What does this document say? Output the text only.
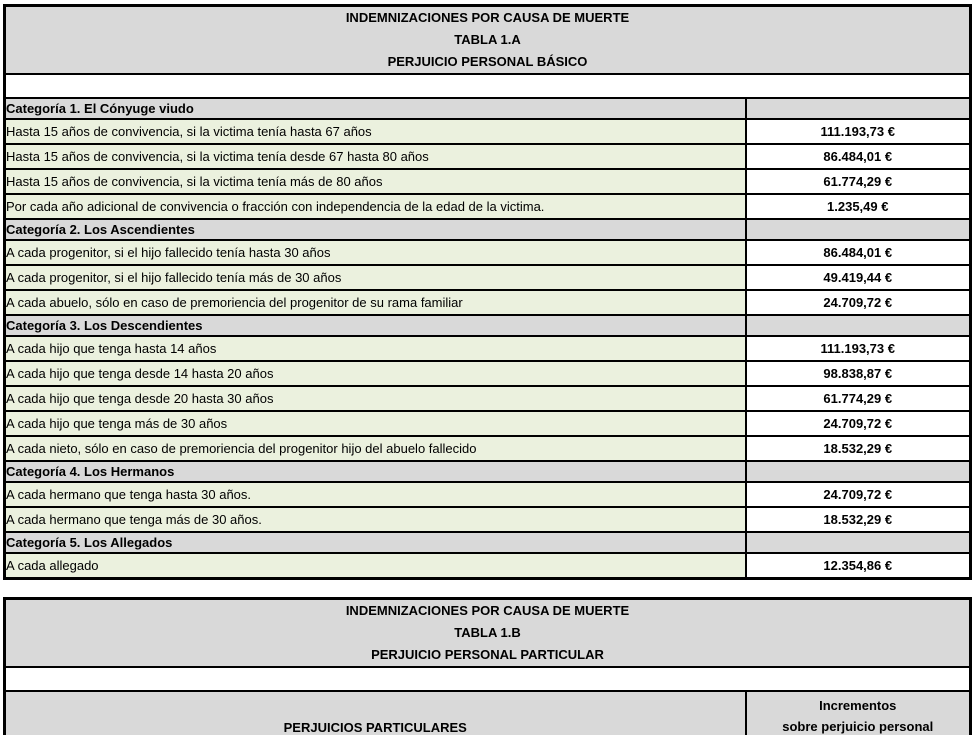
INDEMNIZACIONES POR CAUSA DE MUERTE
TABLA 1.A
PERJUICIO PERSONAL BÁSICO	

Categoría 1. El Cónyuge viudo	
Hasta 15 años de convivencia, si la victima tenía hasta 67 años	111.193,73 €
Hasta 15 años de convivencia, si la victima tenía desde 67 hasta 80 años	86.484,01 €
Hasta 15 años de convivencia, si la victima tenía más de 80 años	61.774,29 €
Por cada año adicional de convivencia o fracción con independencia de la edad de la victima.	1.235,49 €
Categoría 2. Los Ascendientes	
A cada progenitor, si el hijo fallecido tenía hasta 30 años	86.484,01 €
A cada progenitor, si el hijo fallecido tenía más de 30 años	49.419,44 €
A cada abuelo, sólo en caso de premoriencia del progenitor de su rama familiar	24.709,72 €
Categoría 3. Los Descendientes	
A cada hijo que tenga hasta 14 años	111.193,73 €
A cada hijo que tenga desde 14 hasta 20 años	98.838,87 €
A cada hijo que tenga desde 20 hasta 30 años	61.774,29 €
A cada hijo que tenga más de 30 años	24.709,72 €
A cada nieto, sólo en caso de premoriencia del progenitor hijo del abuelo fallecido	18.532,29 €
Categoría 4. Los Hermanos	
A cada hermano que tenga hasta 30 años.	24.709,72 €
A cada hermano que tenga más de 30 años.	18.532,29 €
Categoría 5. Los Allegados	
A cada allegado	12.354,86 €
INDEMNIZACIONES POR CAUSA DE MUERTE
TABLA 1.B
PERJUICIO PERSONAL PARTICULAR

PERJUICIOS PARTICULARES	
Incrementos
sobre perjuicio personal
